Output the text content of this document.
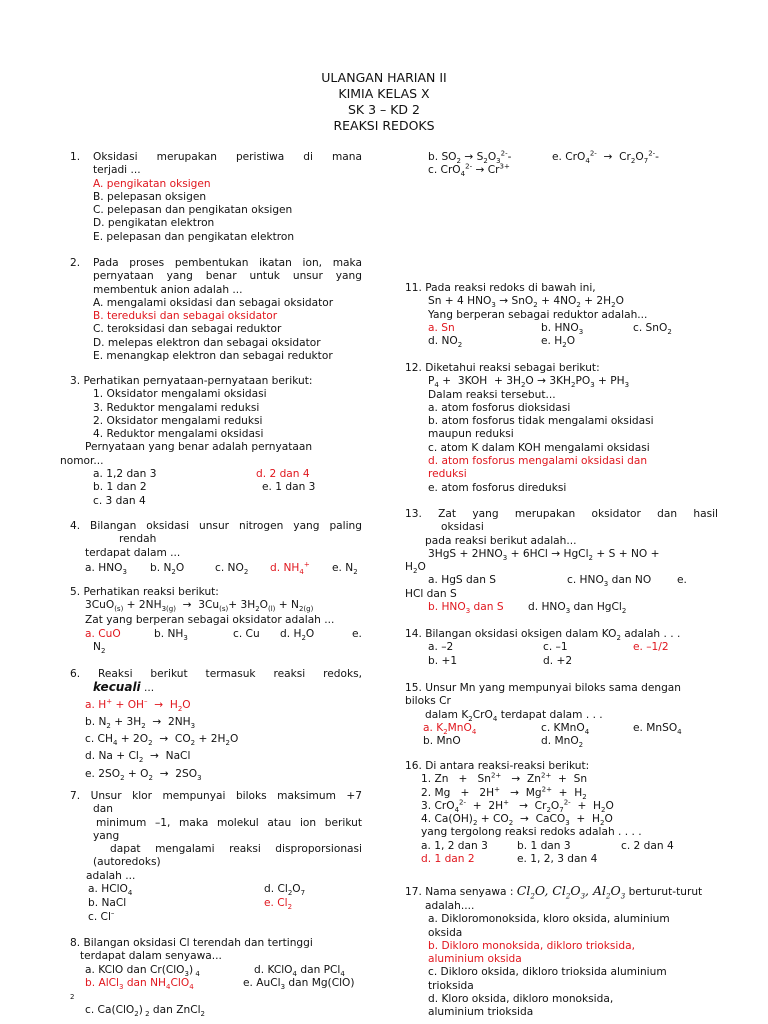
ULANGAN HARIAN II
KIMIA KELAS X
SK 3 – KD 2
REAKSI REDOKS
1.	Oksidasi merupakan peristiwa di mana
terjadi ...
A. pengikatan oksigen
B. pelepasan oksigen
C. pelepasan dan pengikatan oksigen
D. pengikatan elektron
E. pelepasan dan pengikatan elektron
2.	Pada proses pembentukan ikatan ion, maka
pernyataan yang benar untuk unsur yang
membentuk anion adalah ...
A. mengalami oksidasi dan sebagai oksidator
B. tereduksi dan sebagai oksidator
C. teroksidasi dan sebagai reduktor
D. melepas elektron dan sebagai oksidator
E. menangkap elektron dan sebagai reduktor
3. Perhatikan pernyataan-pernyataan berikut:
1. Oksidator mengalami oksidasi
3. Reduktor mengalami reduksi
2. Oksidator mengalami reduksi
4. Reduktor mengalami oksidasi
Pernyataan yang benar adalah pernyataan
nomor...
a. 1,2 dan 3	d. 2 dan 4
b. 1 dan 2	e. 1 dan 3
c. 3 dan 4
4. Bilangan oksidasi unsur nitrogen yang paling
rendah
terdapat dalam ...
a. $HNO_3$ b. $N_2O$	c. $NO_2$ d. $NH_4^+$ e. $N_2$
5. Perhatikan reaksi berikut:
$3CuO_{(s)} + 2NH_{3(g)} \to 3Cu_{(s)}+ 3H_2O_{(l)} + N_{2(g)}$
Zat yang berperan sebagai oksidator adalah ...
a. CuO	b. $NH_3$	c. Cu d. $H_2O$	e.
$N_2$
6. Reaksi berikut termasuk reaksi redoks,
kecuali ...
a. $H^+ + OH^- \to H_2O$
b. $N_2 + 3H_2 \to 2NH_3$
c. $CH_4 + 2O_2 \to CO_2 + 2H_2O$
d. $Na + Cl_2$  →  NaCl
e. $2SO_2 + O_2 \to 2SO_3$
7. Unsur klor mempunyai biloks maksimum +7
dan
minimum –1, maka molekul atau ion berikut
yang
dapat mengalami reaksi disproporsionasi
(autoredoks)
adalah ...
a. HClO$_4$	d. $Cl_2O_7$
b. NaCl	e. $Cl_2$
c. Cl–
8. Bilangan oksidasi Cl terendah dan tertinggi
terdapat dalam senyawa...
a. KClO dan Cr(ClO$_3$) $_4$	d. KClO$_4$ dan PCl$_4$
b. AlCl$_3$ dan $NH_4ClO_4$	e. AuCl$_3$ dan Mg(ClO)
2
c. Ca(ClO$_2$) $_2$ dan ZnCl$_2$
b. $SO_2 \to S_2O_3^{2-}-$	e. $CrO_4^{2-} \to Cr_2O_7^{2-}-$
c. $CrO_4^{2-} \to Cr^{3+}$
11. Pada reaksi redoks di bawah ini,
Sn + 4 $HNO_3 \to SnO_2 + 4NO_2 + 2H_2O$
Yang berperan sebagai reduktor adalah...
a. Sn	b. $HNO_3$	c. SnO$_2$
d. $NO_2$	e. $H_2O$
12. Diketahui reaksi sebagai berikut:
$P_4 + 3KOH + 3H_2O \to 3KH_2PO_3 + PH_3$
Dalam reaksi tersebut...
a. atom fosforus dioksidasi
b. atom fosforus tidak mengalami oksidasi
maupun reduksi
c. atom K dalam KOH mengalami oksidasi
d. atom fosforus mengalami oksidasi dan
reduksi
e. atom fosforus direduksi
13. Zat yang merupakan oksidator dan hasil
oksidasi
pada reaksi berikut adalah...
$3HgS + 2HNO_3 + 6HCl$ → HgCl$_2$ + S + NO +
$H_2O$
a. HgS dan S	c. $HNO_3$ dan NO e.
HCl dan S
b. $HNO_3$ dan S d. $HNO_3$ dan HgCl$_2$
14. Bilangan oksidasi oksigen dalam $KO_2$ adalah . . .
a. –2	c. –1	e. –1/2
b. +1	d. +2
15. Unsur Mn yang mempunyai biloks sama dengan
biloks Cr
dalam $K_2CrO_4$ terdapat dalam . . .
a. $K_2MnO_4$	c. KMnO$_4$	e. MnSO$_4$
b. MnO	d. MnO$_2$
16. Di antara reaksi-reaksi berikut:
1. $Zn + Sn^{2+} \to Zn^{2+} + Sn$
2. $Mg + 2H^+ \to Mg^{2+} + H_2$
3. $CrO_4^{2-} + 2H^+ \to Cr_2O_7^{2-} + H_2O$
4. $Ca(OH)_2 + CO_2$  →  CaCO$_3$  +  $H_2O$
yang tergolong reaksi redoks adalah . . . .
a. 1, 2 dan 3	b. 1 dan 3	c. 2 dan 4
d. 1 dan 2	e. 1, 2, 3 dan 4
17. Nama senyawa : $Cl_2O$, $Cl_2O_3$, $Al_2O_3$ berturut-turut
adalah....
a. Dikloromonoksida, kloro oksida, aluminium
oksida
b. Dikloro monoksida, dikloro trioksida,
aluminium oksida
c. Dikloro oksida, dikloro trioksida aluminium
trioksida
d. Kloro oksida, dikloro monoksida,
aluminium trioksida
